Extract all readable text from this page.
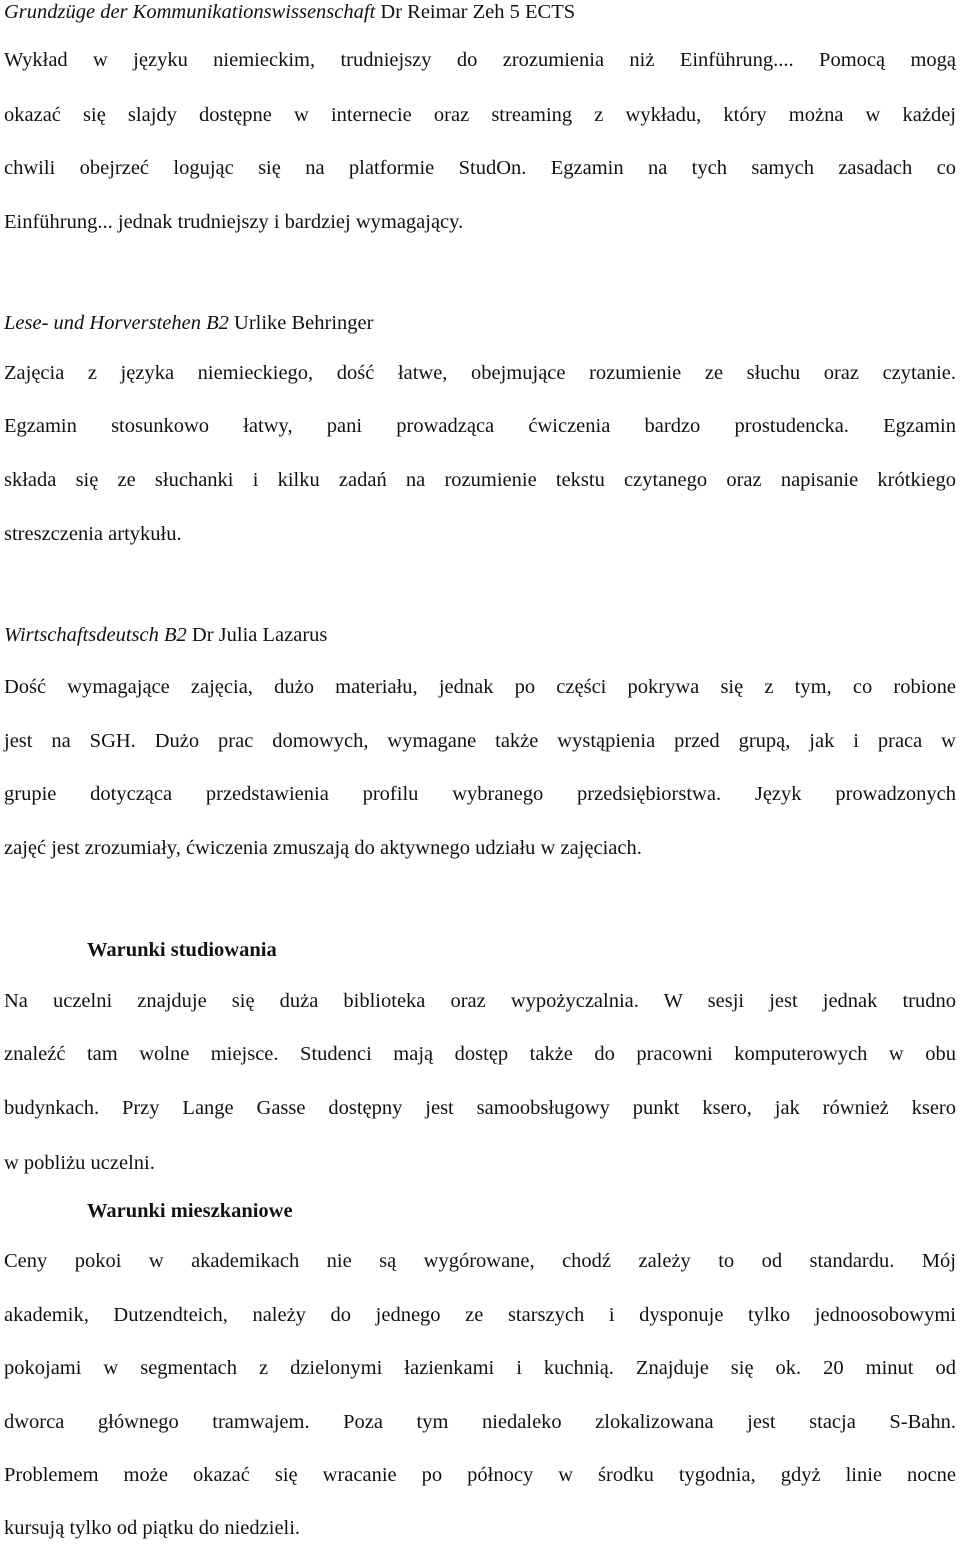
Grundzüge der Kommunikationswissenschaft Dr Reimar Zeh 5 ECTS
Wykład w języku niemieckim, trudniejszy do zrozumienia niż Einführung.... Pomocą mogą
okazać się slajdy dostępne w internecie oraz streaming z wykładu, który można w każdej
chwili obejrzeć logując się na platformie StudOn. Egzamin na tych samych zasadach co
Einführung... jednak trudniejszy i bardziej wymagający.
Lese- und Horverstehen B2 Urlike Behringer
Zajęcia z języka niemieckiego, dość łatwe, obejmujące rozumienie ze słuchu oraz czytanie.
Egzamin stosunkowo łatwy, pani prowadząca ćwiczenia bardzo prostudencka. Egzamin
składa się ze słuchanki i kilku zadań na rozumienie tekstu czytanego oraz napisanie krótkiego
streszczenia artykułu.
Wirtschaftsdeutsch B2 Dr Julia Lazarus
Dość wymagające zajęcia, dużo materiału, jednak po części pokrywa się z tym, co robione
jest na SGH. Dużo prac domowych, wymagane także wystąpienia przed grupą, jak i praca w
grupie dotycząca przedstawienia profilu wybranego przedsiębiorstwa. Język prowadzonych
zajęć jest zrozumiały, ćwiczenia zmuszają do aktywnego udziału w zajęciach.
Warunki studiowania
Na uczelni znajduje się duża biblioteka oraz wypożyczalnia. W sesji jest jednak trudno
znaleźć tam wolne miejsce. Studenci mają dostęp także do pracowni komputerowych w obu
budynkach. Przy Lange Gasse dostępny jest samoobsługowy punkt ksero, jak również ksero
w pobliżu uczelni.
Warunki mieszkaniowe
Ceny pokoi w akademikach nie są wygórowane, chodź zależy to od standardu. Mój
akademik, Dutzendteich, należy do jednego ze starszych i dysponuje tylko jednoosobowymi
pokojami w segmentach z dzielonymi łazienkami i kuchnią. Znajduje się ok. 20 minut od
dworca głównego tramwajem. Poza tym niedaleko zlokalizowana jest stacja S-Bahn.
Problemem może okazać się wracanie po północy w środku tygodnia, gdyż linie nocne
kursują tylko od piątku do niedzieli.
